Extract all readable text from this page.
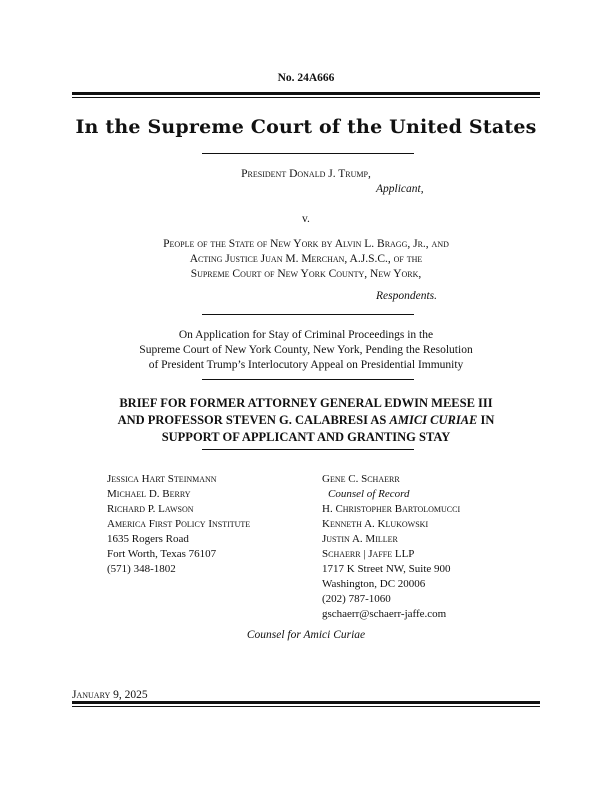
No. 24A666
In the Supreme Court of the United States
President Donald J. Trump,
Applicant,
v.
People of the State of New York by Alvin L. Bragg, Jr., and
Acting Justice Juan M. Merchan, A.J.S.C., of the
Supreme Court of New York County, New York,
Respondents.
On Application for Stay of Criminal Proceedings in the
Supreme Court of New York County, New York, Pending the Resolution
of President Trump’s Interlocutory Appeal on Presidential Immunity
BRIEF FOR FORMER ATTORNEY GENERAL EDWIN MEESE III
AND PROFESSOR STEVEN G. CALABRESI AS AMICI CURIAE IN
SUPPORT OF APPLICANT AND GRANTING STAY
Jessica Hart Steinmann
Michael D. Berry
Richard P. Lawson
America First Policy Institute
1635 Rogers Road
Fort Worth, Texas 76107
(571) 348-1802
Gene C. Schaerr
Counsel of Record
H. Christopher Bartolomucci
Kenneth A. Klukowski
Justin A. Miller
Schaerr | Jaffe LLP
1717 K Street NW, Suite 900
Washington, DC 20006
(202) 787-1060
gschaerr@schaerr-jaffe.com
Counsel for Amici Curiae
January 9, 2025
